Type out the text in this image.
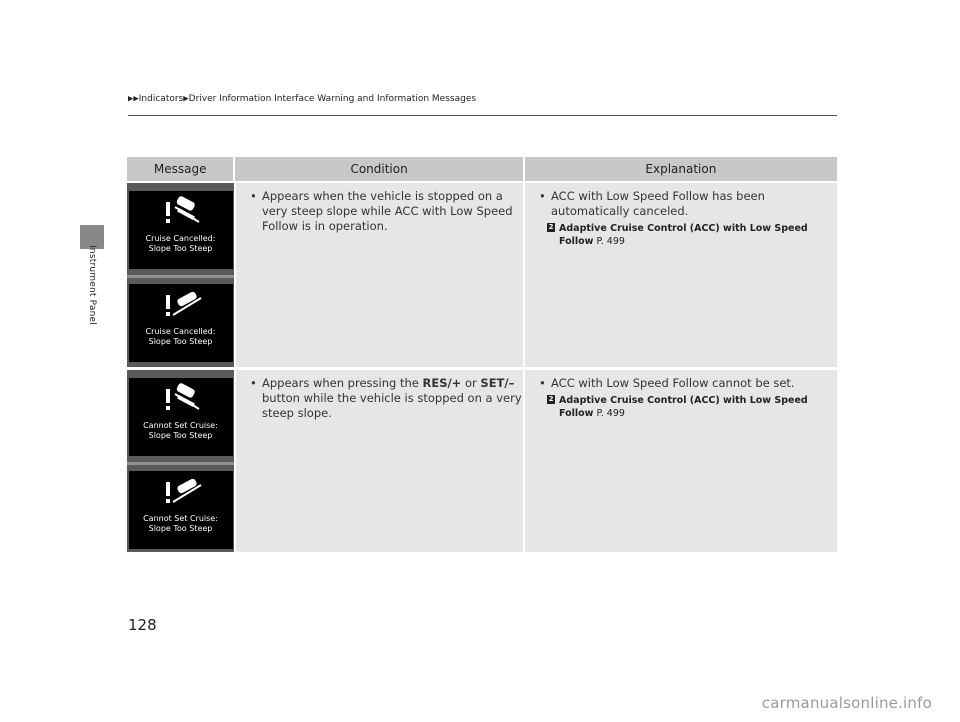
Instrument Panel
▶▶Indicators▶Driver Information Interface Warning and Information Messages
Message	Condition	Explanation
Cruise Cancelled:
Slope Too Steep
Cruise Cancelled:
Slope Too Steep
• Appears when the vehicle is stopped on a very steep slope while ACC with Low Speed Follow is in operation.
• ACC with Low Speed Follow has been automatically canceled.
2 Adaptive Cruise Control (ACC) with Low Speed Follow P. 499
Cannot Set Cruise:
Slope Too Steep
Cannot Set Cruise:
Slope Too Steep
• Appears when pressing the RES/+ or SET/– button while the vehicle is stopped on a very steep slope.
• ACC with Low Speed Follow cannot be set.
2 Adaptive Cruise Control (ACC) with Low Speed Follow P. 499
128
carmanualsonline.info
